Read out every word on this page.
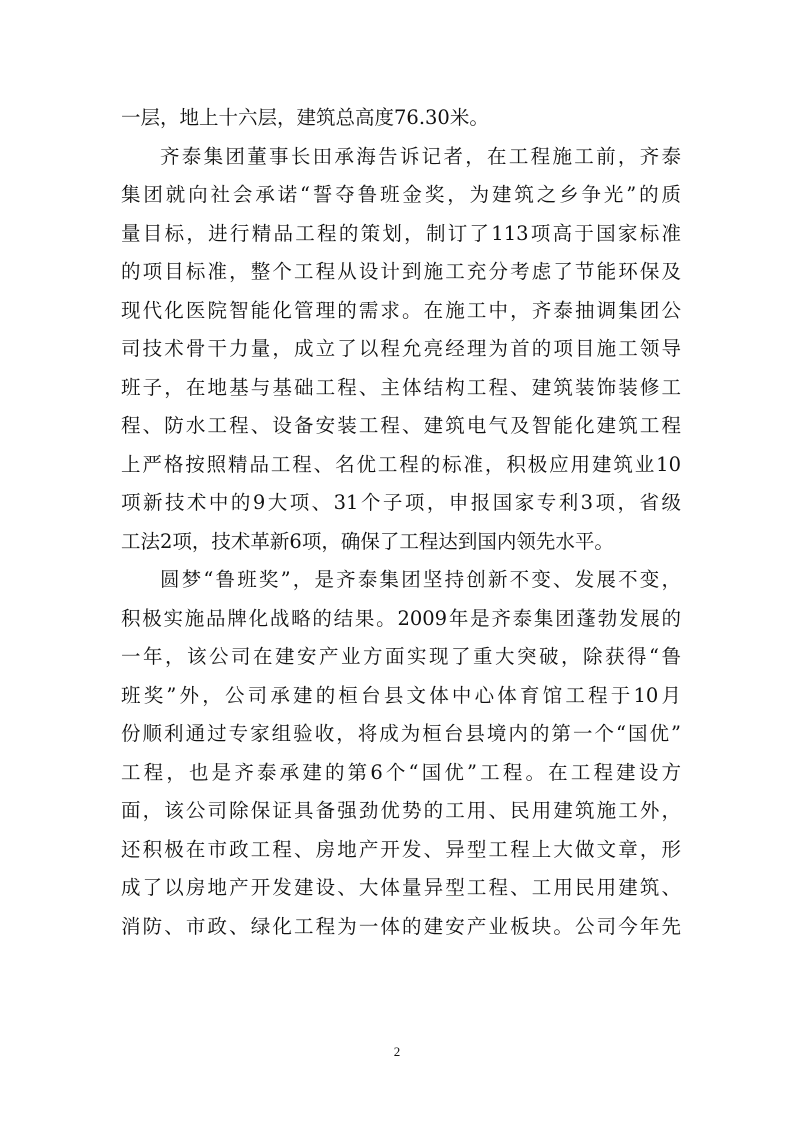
一层，地上十六层，建筑总高度76.30米。
齐泰集团董事长田承海告诉记者，在工程施工前，齐泰
集团就向社会承诺“誓夺鲁班金奖，为建筑之乡争光”的质
量目标，进行精品工程的策划，制订了113项高于国家标准
的项目标准，整个工程从设计到施工充分考虑了节能环保及
现代化医院智能化管理的需求。在施工中，齐泰抽调集团公
司技术骨干力量，成立了以程允亮经理为首的项目施工领导
班子，在地基与基础工程、主体结构工程、建筑装饰装修工
程、防水工程、设备安装工程、建筑电气及智能化建筑工程
上严格按照精品工程、名优工程的标准，积极应用建筑业10
项新技术中的9大项、31个子项，申报国家专利3项，省级
工法2项，技术革新6项，确保了工程达到国内领先水平。
圆梦“鲁班奖”，是齐泰集团坚持创新不变、发展不变，
积极实施品牌化战略的结果。2009年是齐泰集团蓬勃发展的
一年，该公司在建安产业方面实现了重大突破，除获得“鲁
班奖”外，公司承建的桓台县文体中心体育馆工程于10月
份顺利通过专家组验收，将成为桓台县境内的第一个“国优”
工程，也是齐泰承建的第6个“国优”工程。在工程建设方
面，该公司除保证具备强劲优势的工用、民用建筑施工外，
还积极在市政工程、房地产开发、异型工程上大做文章，形
成了以房地产开发建设、大体量异型工程、工用民用建筑、
消防、市政、绿化工程为一体的建安产业板块。公司今年先
2
